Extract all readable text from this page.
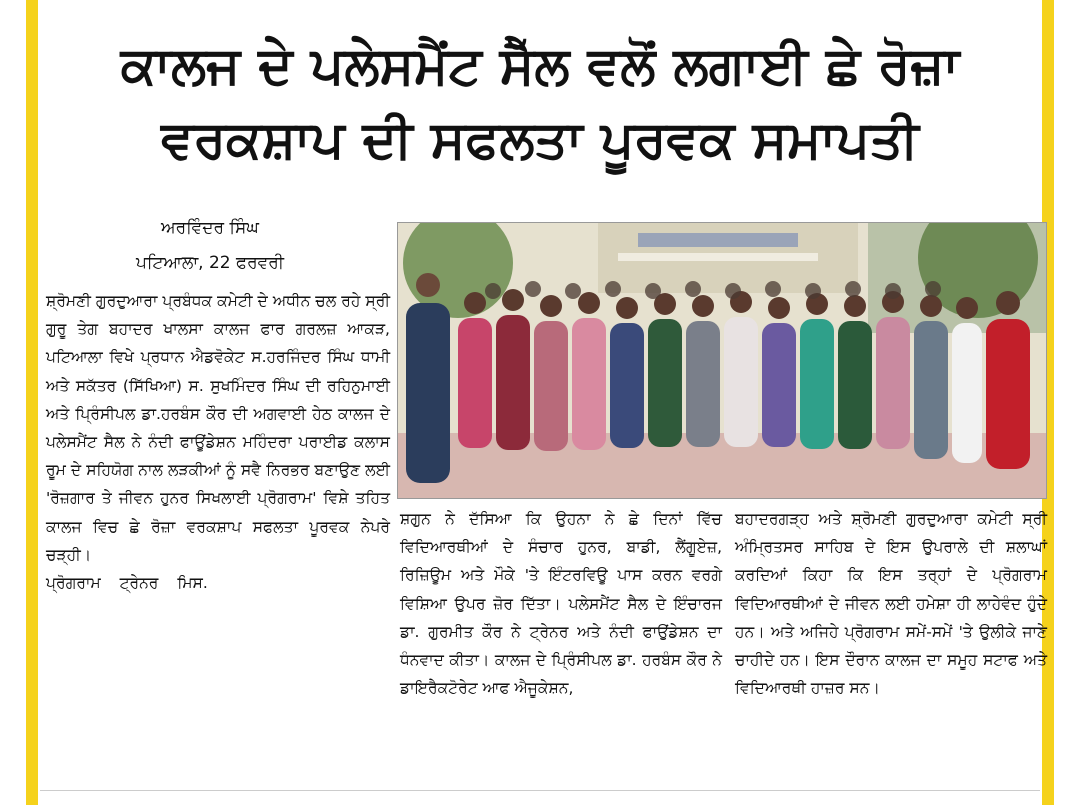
ਕਾਲਜ ਦੇ ਪਲੇਸਮੈਂਟ ਸੈੱਲ ਵਲੋਂ ਲਗਾਈ ਛੇ ਰੋਜ਼ਾ
ਵਰਕਸ਼ਾਪ ਦੀ ਸਫਲਤਾ ਪੂਰਵਕ ਸਮਾਪਤੀ
ਅਰਵਿੰਦਰ ਸਿੰਘ
ਪਟਿਆਲਾ, 22 ਫਰਵਰੀ

ਸ਼੍ਰੋਮਣੀ ਗੁਰਦੁਆਰਾ ਪ੍ਰਬੰਧਕ ਕਮੇਟੀ ਦੇ ਅਧੀਨ ਚਲ ਰਹੇ ਸ੍ਰੀ ਗੁਰੂ ਤੇਗ ਬਹਾਦਰ ਖਾਲਸਾ ਕਾਲਜ ਫਾਰ ਗਰਲਜ਼ ਆਕੜ, ਪਟਿਆਲਾ ਵਿਖੇ ਪ੍ਰਧਾਨ ਐਡਵੋਕੇਟ ਸ.ਹਰਜਿੰਦਰ ਸਿੰਘ ਧਾਮੀ ਅਤੇ ਸਕੱਤਰ (ਸਿੱਖਿਆ) ਸ. ਸੁਖਮਿੰਦਰ ਸਿੰਘ ਦੀ ਰਹਿਨੁਮਾਈ ਅਤੇ ਪ੍ਰਿੰਸੀਪਲ ਡਾ.ਹਰਬੰਸ ਕੌਰ ਦੀ ਅਗਵਾਈ ਹੇਠ ਕਾਲਜ ਦੇ ਪਲੇਸਮੈਂਟ ਸੈਲ ਨੇ ਨੰਦੀ ਫਾਊਂਡੇਸ਼ਨ ਮਹਿੰਦਰਾ ਪਰਾਈਡ ਕਲਾਸ ਰੂਮ ਦੇ ਸਹਿਯੋਗ ਨਾਲ ਲੜਕੀਆਂ ਨੂੰ ਸਵੈ ਨਿਰਭਰ ਬਣਾਉਣ ਲਈ 'ਰੋਜ਼ਗਾਰ ਤੇ ਜੀਵਨ ਹੁਨਰ ਸਿਖਲਾਈ ਪ੍ਰੋਗਰਾਮ' ਵਿਸ਼ੇ ਤਹਿਤ ਕਾਲਜ ਵਿਚ ਛੇ ਰੋਜ਼ਾ ਵਰਕਸ਼ਾਪ ਸਫਲਤਾ ਪੂਰਵਕ ਨੇਪਰੇ ਚੜ੍ਹੀ।

ਪ੍ਰੋਗਰਾਮ ਟ੍ਰੇਨਰ ਮਿਸ.

ਸ਼ਗੁਨ ਨੇ ਦੱਸਿਆ ਕਿ ਉਹਨਾ ਨੇ ਛੇ ਦਿਨਾਂ ਵਿੱਚ ਵਿਦਿਆਰਥੀਆਂ ਦੇ ਸੰਚਾਰ ਹੁਨਰ, ਬਾਡੀ, ਲੈਂਗੂਏਜ਼, ਰਿਜ਼ਿਊਮ ਅਤੇ ਮੌਕੇ 'ਤੇ ਇੰਟਰਵਿਊ ਪਾਸ ਕਰਨ ਵਰਗੇ ਵਿਸ਼ਿਆ ਉਪਰ ਜ਼ੋਰ ਦਿੱਤਾ। ਪਲੇਸਮੈਂਟ ਸੈਲ ਦੇ ਇੰਚਾਰਜ ਡਾ. ਗੁਰਮੀਤ ਕੌਰ ਨੇ ਟ੍ਰੇਨਰ ਅਤੇ ਨੰਦੀ ਫਾਉਂਡੇਸ਼ਨ ਦਾ ਧੰਨਵਾਦ ਕੀਤਾ। ਕਾਲਜ ਦੇ ਪ੍ਰਿੰਸੀਪਲ ਡਾ. ਹਰਬੰਸ ਕੌਰ ਨੇ ਡਾਇਰੈਕਟੋਰੇਟ ਆਫ ਐਜੂਕੇਸ਼ਨ,

ਬਹਾਦਰਗੜ੍ਹ ਅਤੇ ਸ਼੍ਰੋਮਣੀ ਗੁਰਦੁਆਰਾ ਕਮੇਟੀ ਸ੍ਰੀ ਅੰਮ੍ਰਿਤਸਰ ਸਾਹਿਬ ਦੇ ਇਸ ਉਪਰਾਲੇ ਦੀ ਸ਼ਲਾਘਾਂ ਕਰਦਿਆਂ ਕਿਹਾ ਕਿ ਇਸ ਤਰ੍ਹਾਂ ਦੇ ਪ੍ਰੋਗਰਾਮ ਵਿਦਿਆਰਥੀਆਂ ਦੇ ਜੀਵਨ ਲਈ ਹਮੇਸ਼ਾ ਹੀ ਲਾਹੇਵੰਦ ਹੁੰਦੇ ਹਨ। ਅਤੇ ਅਜਿਹੇ ਪ੍ਰੋਗਰਾਮ ਸਮੇਂ-ਸਮੇਂ 'ਤੇ ਉਲੀਕੇ ਜਾਣੇ ਚਾਹੀਦੇ ਹਨ। ਇਸ ਦੌਰਾਨ ਕਾਲਜ ਦਾ ਸਮੂਹ ਸਟਾਫ ਅਤੇ ਵਿਦਿਆਰਥੀ ਹਾਜ਼ਰ ਸਨ।
